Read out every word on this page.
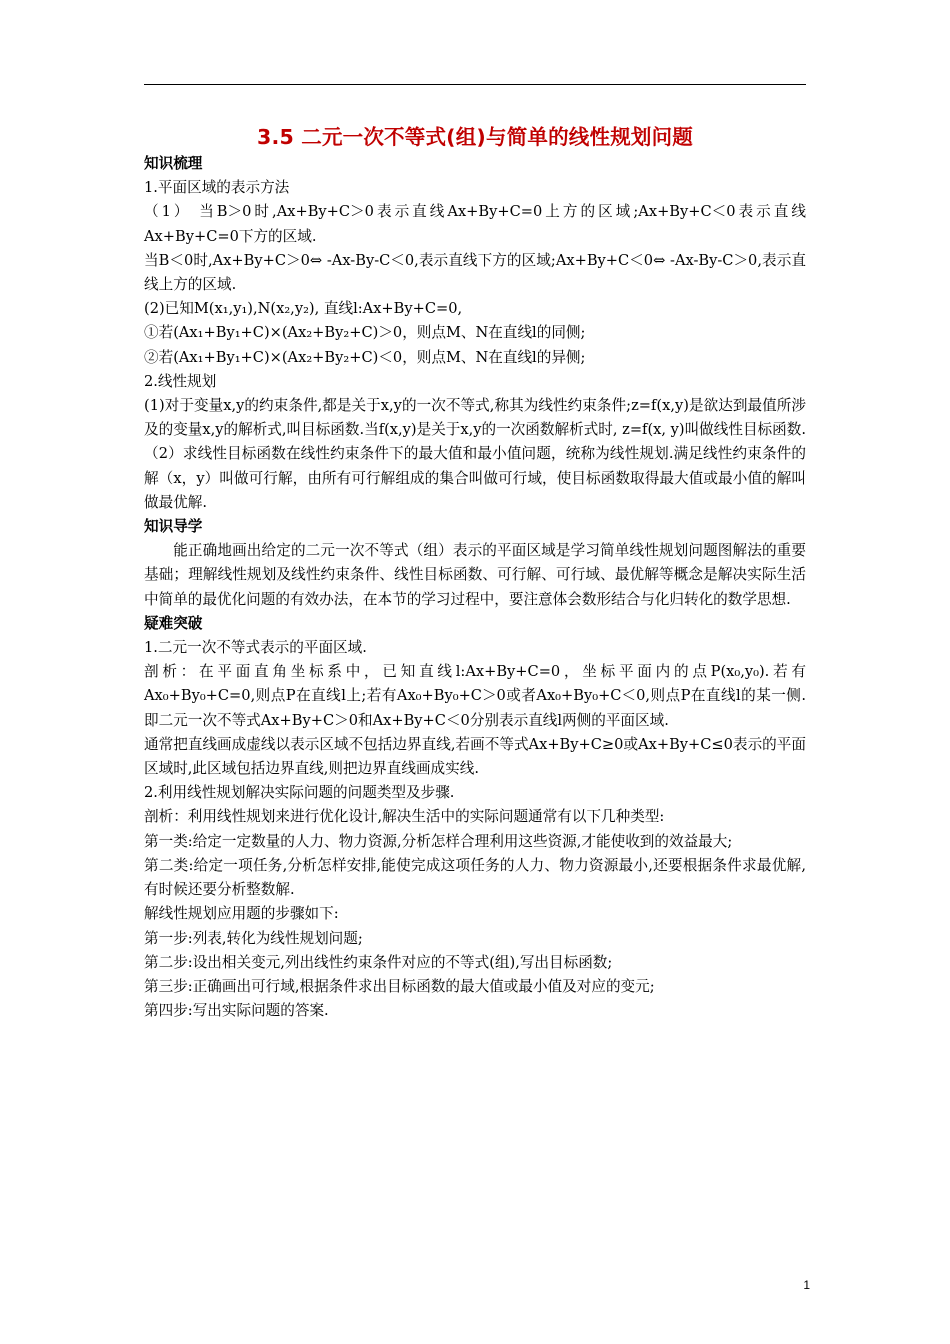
3.5 二元一次不等式(组)与简单的线性规划问题

知识梳理

1.平面区域的表示方法

（1） 当B＞0时,Ax+By+C＞0表示直线Ax+By+C=0上方的区域;Ax+By+C＜0表示直线Ax+By+C=0下方的区域.

当B＜0时,Ax+By+C＞0⇔ -Ax-By-C＜0,表示直线下方的区域;Ax+By+C＜0⇔ -Ax-By-C＞0,表示直线上方的区域.

(2)已知M(x₁,y₁),N(x₂,y₂), 直线l:Ax+By+C=0,

①若(Ax₁+By₁+C)×(Ax₂+By₂+C)＞0，则点M、N在直线l的同侧;

②若(Ax₁+By₁+C)×(Ax₂+By₂+C)＜0，则点M、N在直线l的异侧;

2.线性规划

(1)对于变量x,y的约束条件,都是关于x,y的一次不等式,称其为线性约束条件;z=f(x,y)是欲达到最值所涉及的变量x,y的解析式,叫目标函数.当f(x,y)是关于x,y的一次函数解析式时, z=f(x, y)叫做线性目标函数.

（2）求线性目标函数在线性约束条件下的最大值和最小值问题，统称为线性规划.满足线性约束条件的解（x，y）叫做可行解，由所有可行解组成的集合叫做可行域，使目标函数取得最大值或最小值的解叫做最优解.

知识导学

能正确地画出给定的二元一次不等式（组）表示的平面区域是学习简单线性规划问题图解法的重要基础；理解线性规划及线性约束条件、线性目标函数、可行解、可行域、最优解等概念是解决实际生活中简单的最优化问题的有效办法，在本节的学习过程中，要注意体会数形结合与化归转化的数学思想.

疑难突破

1.二元一次不等式表示的平面区域.

剖析：在平面直角坐标系中，已知直线l:Ax+By+C=0，坐标平面内的点P(x₀,y₀).若有Ax₀+By₀+C=0,则点P在直线l上;若有Ax₀+By₀+C＞0或者Ax₀+By₀+C＜0,则点P在直线l的某一侧.即二元一次不等式Ax+By+C＞0和Ax+By+C＜0分别表示直线l两侧的平面区域.

通常把直线画成虚线以表示区域不包括边界直线,若画不等式Ax+By+C≥0或Ax+By+C≤0表示的平面区域时,此区域包括边界直线,则把边界直线画成实线.

2.利用线性规划解决实际问题的问题类型及步骤.

剖析：利用线性规划来进行优化设计,解决生活中的实际问题通常有以下几种类型:

第一类:给定一定数量的人力、物力资源,分析怎样合理利用这些资源,才能使收到的效益最大;

第二类:给定一项任务,分析怎样安排,能使完成这项任务的人力、物力资源最小,还要根据条件求最优解,有时候还要分析整数解.

解线性规划应用题的步骤如下:

第一步:列表,转化为线性规划问题;

第二步:设出相关变元,列出线性约束条件对应的不等式(组),写出目标函数;

第三步:正确画出可行域,根据条件求出目标函数的最大值或最小值及对应的变元;

第四步:写出实际问题的答案.

1
